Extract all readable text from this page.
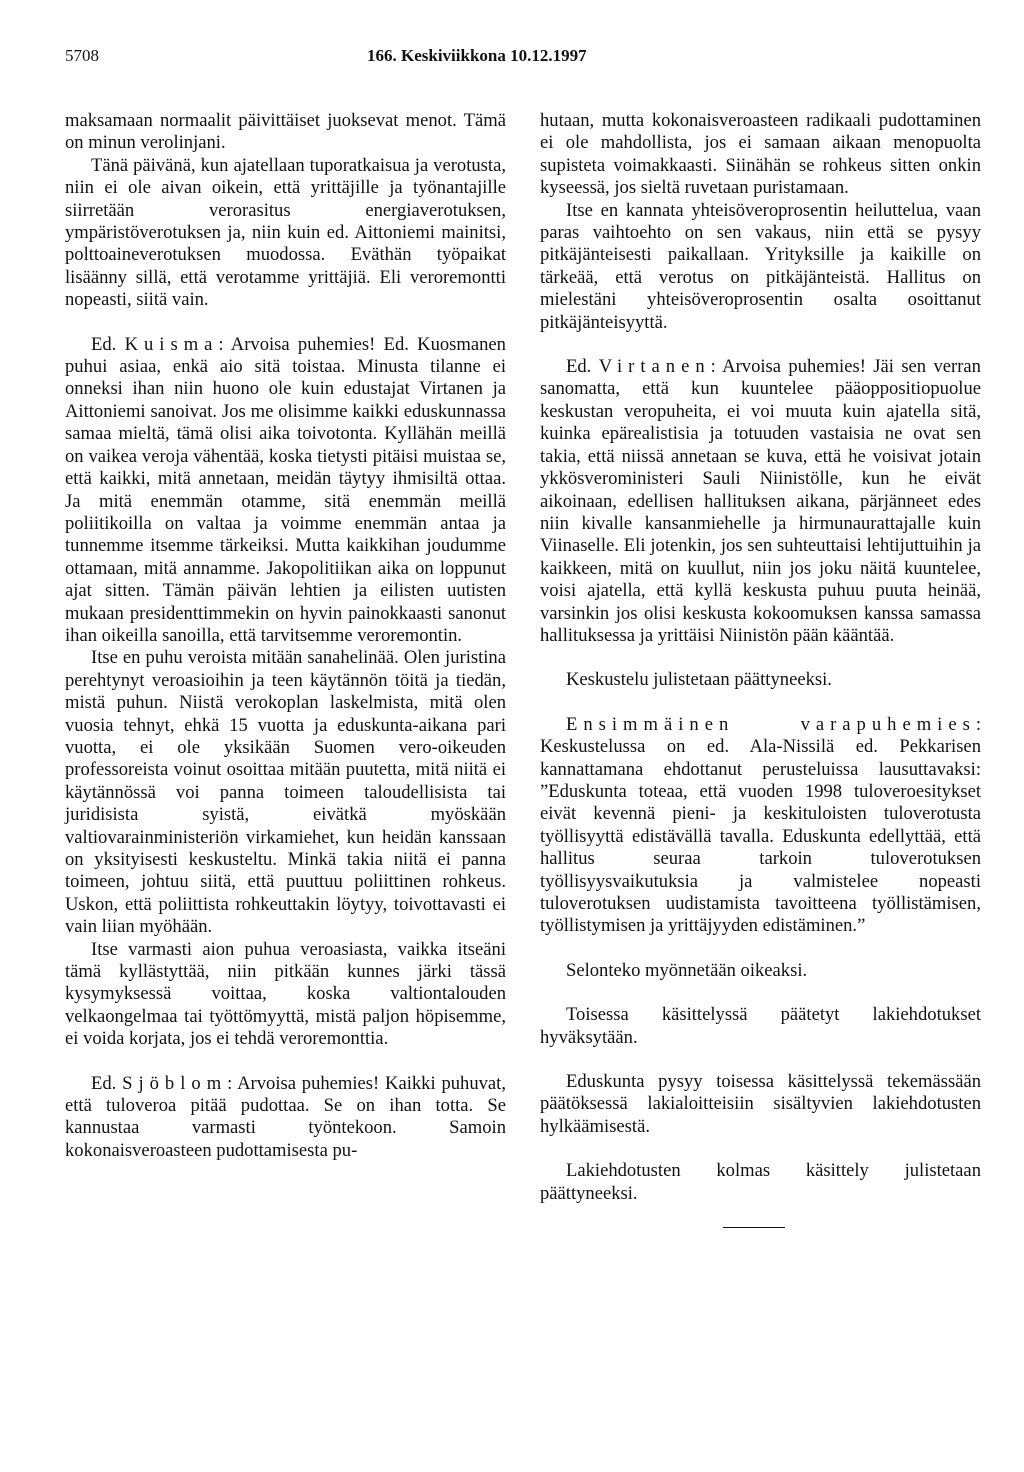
5708	166. Keskiviikkona 10.12.1997

maksamaan normaalit päivittäiset juoksevat menot. Tämä on minun verolinjani.

Tänä päivänä, kun ajatellaan tuporatkaisua ja verotusta, niin ei ole aivan oikein, että yrittäjille ja työnantajille siirretään verorasitus energiaverotuksen, ympäristöverotuksen ja, niin kuin ed. Aittoniemi mainitsi, polttoaineverotuksen muodossa. Eväthän työpaikat lisäänny sillä, että verotamme yrittäjiä. Eli veroremontti nopeasti, siitä vain.

Ed. Kuisma: Arvoisa puhemies! Ed. Kuosmanen puhui asiaa, enkä aio sitä toistaa. Minusta tilanne ei onneksi ihan niin huono ole kuin edustajat Virtanen ja Aittoniemi sanoivat. Jos me olisimme kaikki eduskunnassa samaa mieltä, tämä olisi aika toivotonta. Kyllähän meillä on vaikea veroja vähentää, koska tietysti pitäisi muistaa se, että kaikki, mitä annetaan, meidän täytyy ihmisiltä ottaa. Ja mitä enemmän otamme, sitä enemmän meillä poliitikoilla on valtaa ja voimme enemmän antaa ja tunnemme itsemme tärkeiksi. Mutta kaikkihan joudumme ottamaan, mitä annamme. Jakopolitiikan aika on loppunut ajat sitten. Tämän päivän lehtien ja eilisten uutisten mukaan presidenttimmekin on hyvin painokkaasti sanonut ihan oikeilla sanoilla, että tarvitsemme veroremontin.

Itse en puhu veroista mitään sanahelinää. Olen juristina perehtynyt veroasioihin ja teen käytännön töitä ja tiedän, mistä puhun. Niistä verokoplan laskelmista, mitä olen vuosia tehnyt, ehkä 15 vuotta ja eduskunta-aikana pari vuotta, ei ole yksikään Suomen vero-oikeuden professoreista voinut osoittaa mitään puutetta, mitä niitä ei käytännössä voi panna toimeen taloudellisista tai juridisista syistä, eivätkä myöskään valtiovarainministeriön virkamiehet, kun heidän kanssaan on yksityisesti keskusteltu. Minkä takia niitä ei panna toimeen, johtuu siitä, että puuttuu poliittinen rohkeus. Uskon, että poliittista rohkeuttakin löytyy, toivottavasti ei vain liian myöhään.

Itse varmasti aion puhua veroasiasta, vaikka itseäni tämä kyllästyttää, niin pitkään kunnes järki tässä kysymyksessä voittaa, koska valtiontalouden velkaongelmaa tai työttömyyttä, mistä paljon höpisemme, ei voida korjata, jos ei tehdä veroremonttia.

Ed. Sjöblom: Arvoisa puhemies! Kaikki puhuvat, että tuloveroa pitää pudottaa. Se on ihan totta. Se kannustaa varmasti työntekoon. Samoin kokonaisveroasteen pudottamisesta pu-

hutaan, mutta kokonaisveroasteen radikaali pudottaminen ei ole mahdollista, jos ei samaan aikaan menopuolta supisteta voimakkaasti. Siinähän se rohkeus sitten onkin kyseessä, jos sieltä ruvetaan puristamaan.

Itse en kannata yhteisöveroprosentin heiluttelua, vaan paras vaihtoehto on sen vakaus, niin että se pysyy pitkäjänteisesti paikallaan. Yrityksille ja kaikille on tärkeää, että verotus on pitkäjänteistä. Hallitus on mielestäni yhteisöveroprosentin osalta osoittanut pitkäjänteisyyttä.

Ed. Virtanen: Arvoisa puhemies! Jäi sen verran sanomatta, että kun kuuntelee pääoppositiopuolue keskustan veropuheita, ei voi muuta kuin ajatella sitä, kuinka epärealistisia ja totuuden vastaisia ne ovat sen takia, että niissä annetaan se kuva, että he voisivat jotain ykkösverоministeri Sauli Niinistölle, kun he eivät aikoinaan, edellisen hallituksen aikana, pärjänneet edes niin kivalle kansanmiehelle ja hirmunaurattajalle kuin Viinaselle. Eli jotenkin, jos sen suhteuttaisi lehtijuttuihin ja kaikkeen, mitä on kuullut, niin jos joku näitä kuuntelee, voisi ajatella, että kyllä keskusta puhuu puuta heinää, varsinkin jos olisi keskusta kokoomuksen kanssa samassa hallituksessa ja yrittäisi Niinistön pään kääntää.

Keskustelu julistetaan päättyneeksi.

Ensimmäinen varapuhemies: Keskustelussa on ed. Ala-Nissilä ed. Pekkarisen kannattamana ehdottanut perusteluissa lausuttavaksi: ”Eduskunta toteaa, että vuoden 1998 tuloveroesitykset eivät kevennä pieni- ja keskituloisten tuloverotusta työllisyyttä edistävällä tavalla. Eduskunta edellyttää, että hallitus seuraa tarkoin tuloverotuksen työllisyysvaikutuksia ja valmistelee nopeasti tuloverotuksen uudistamista tavoitteena työllistämisen, työllistymisen ja yrittäjyyden edistäminen.”

Selonteko myönnetään oikeaksi.

Toisessa käsittelyssä päätetyt lakiehdotukset hyväksytään.

Eduskunta pysyy toisessa käsittelyssä tekemässään päätöksessä lakialoitteisiin sisältyvien lakiehdotusten hylkäämisestä.

Lakiehdotusten kolmas käsittely julistetaan päättyneeksi.
